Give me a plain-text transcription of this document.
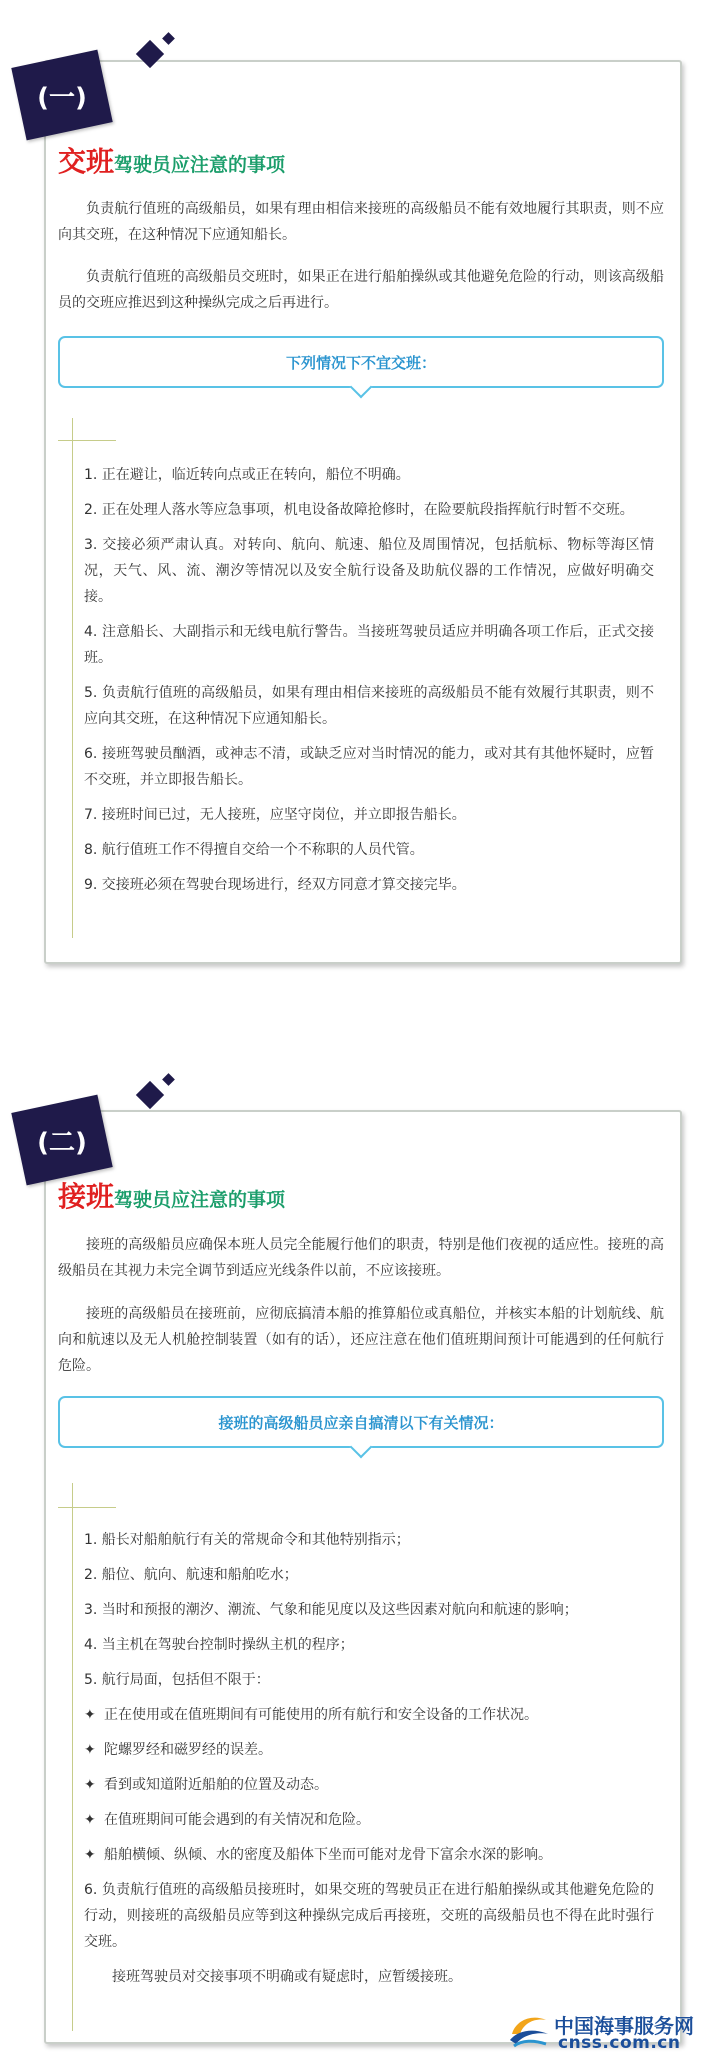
(一)
交班驾驶员应注意的事项

负责航行值班的高级船员，如果有理由相信来接班的高级船员不能有效地履行其职责，则不应向其交班，在这种情况下应通知船长。

负责航行值班的高级船员交班时，如果正在进行船舶操纵或其他避免危险的行动，则该高级船员的交班应推迟到这种操纵完成之后再进行。

下列情况下不宜交班：
1. 正在避让，临近转向点或正在转向，船位不明确。
2. 正在处理人落水等应急事项，机电设备故障抢修时，在险要航段指挥航行时暂不交班。
3. 交接必须严肃认真。对转向、航向、航速、船位及周围情况，包括航标、物标等海区情况，天气、风、流、潮汐等情况以及安全航行设备及助航仪器的工作情况，应做好明确交接。
4. 注意船长、大副指示和无线电航行警告。当接班驾驶员适应并明确各项工作后，正式交接班。
5. 负责航行值班的高级船员，如果有理由相信来接班的高级船员不能有效履行其职责，则不应向其交班，在这种情况下应通知船长。
6. 接班驾驶员酗酒，或神志不清，或缺乏应对当时情况的能力，或对其有其他怀疑时，应暂不交班，并立即报告船长。
7. 接班时间已过，无人接班，应坚守岗位，并立即报告船长。
8. 航行值班工作不得擅自交给一个不称职的人员代管。
9. 交接班必须在驾驶台现场进行，经双方同意才算交接完毕。
(二)
接班驾驶员应注意的事项

接班的高级船员应确保本班人员完全能履行他们的职责，特别是他们夜视的适应性。接班的高级船员在其视力未完全调节到适应光线条件以前，不应该接班。

接班的高级船员在接班前，应彻底搞清本船的推算船位或真船位，并核实本船的计划航线、航向和航速以及无人机舱控制装置（如有的话），还应注意在他们值班期间预计可能遇到的任何航行危险。

接班的高级船员应亲自搞清以下有关情况：
1. 船长对船舶航行有关的常规命令和其他特别指示；
2. 船位、航向、航速和船舶吃水；
3. 当时和预报的潮汐、潮流、气象和能见度以及这些因素对航向和航速的影响；
4. 当主机在驾驶台控制时操纵主机的程序；
5. 航行局面，包括但不限于：
✦ 正在使用或在值班期间有可能使用的所有航行和安全设备的工作状况。
✦ 陀螺罗经和磁罗经的误差。
✦ 看到或知道附近船舶的位置及动态。
✦ 在值班期间可能会遇到的有关情况和危险。
✦ 船舶横倾、纵倾、水的密度及船体下坐而可能对龙骨下富余水深的影响。
6. 负责航行值班的高级船员接班时，如果交班的驾驶员正在进行船舶操纵或其他避免危险的行动，则接班的高级船员应等到这种操纵完成后再接班，交班的高级船员也不得在此时强行交班。
接班驾驶员对交接事项不明确或有疑虑时，应暂缓接班。
中国海事服务网
cnss.com.cn
